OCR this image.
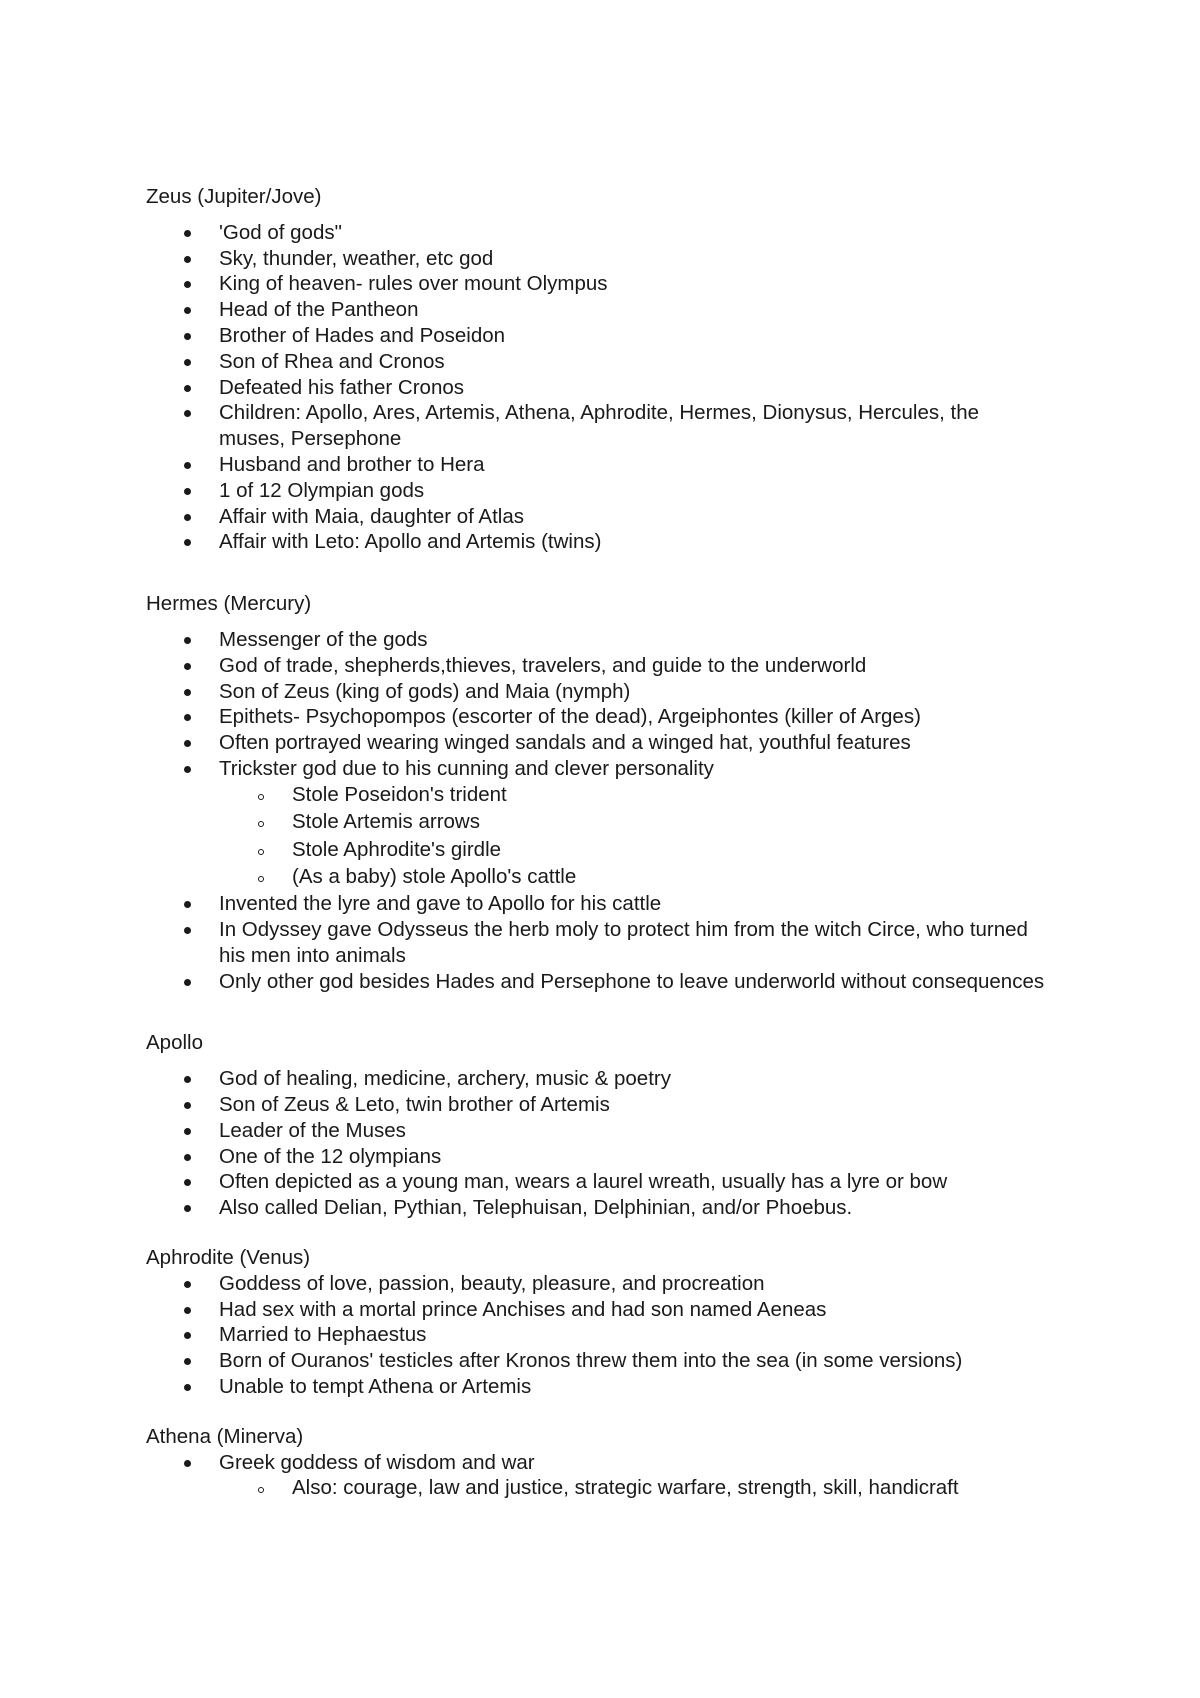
Zeus (Jupiter/Jove)

'God of gods"
Sky, thunder, weather, etc god
King of heaven- rules over mount Olympus
Head of the Pantheon
Brother of Hades and Poseidon
Son of Rhea and Cronos
Defeated his father Cronos
Children: Apollo, Ares, Artemis, Athena, Aphrodite, Hermes, Dionysus, Hercules, the muses, Persephone
Husband and brother to Hera
1 of 12 Olympian gods
Affair with Maia, daughter of Atlas
Affair with Leto: Apollo and Artemis (twins)

Hermes (Mercury)

Messenger of the gods
God of trade, shepherds,thieves, travelers, and guide to the underworld
Son of Zeus (king of gods) and Maia (nymph)
Epithets- Psychopompos (escorter of the dead), Argeiphontes (killer of Arges)
Often portrayed wearing winged sandals and a winged hat, youthful features
Trickster god due to his cunning and clever personality
Stole Poseidon's trident
Stole Artemis arrows
Stole Aphrodite's girdle
(As a baby) stole Apollo's cattle
Invented the lyre and gave to Apollo for his cattle
In Odyssey gave Odysseus the herb moly to protect him from the witch Circe, who turned his men into animals
Only other god besides Hades and Persephone to leave underworld without consequences

Apollo

God of healing, medicine, archery, music & poetry
Son of Zeus & Leto, twin brother of Artemis
Leader of the Muses
One of the 12 olympians
Often depicted as a young man, wears a laurel wreath, usually has a lyre or bow
Also called Delian, Pythian, Telephuisan, Delphinian, and/or Phoebus.

Aphrodite (Venus)

Goddess of love, passion, beauty, pleasure, and procreation
Had sex with a mortal prince Anchises and had son named Aeneas
Married to Hephaestus
Born of Ouranos' testicles after Kronos threw them into the sea (in some versions)
Unable to tempt Athena or Artemis

Athena (Minerva)

Greek goddess of wisdom and war
Also: courage, law and justice, strategic warfare, strength, skill, handicraft
